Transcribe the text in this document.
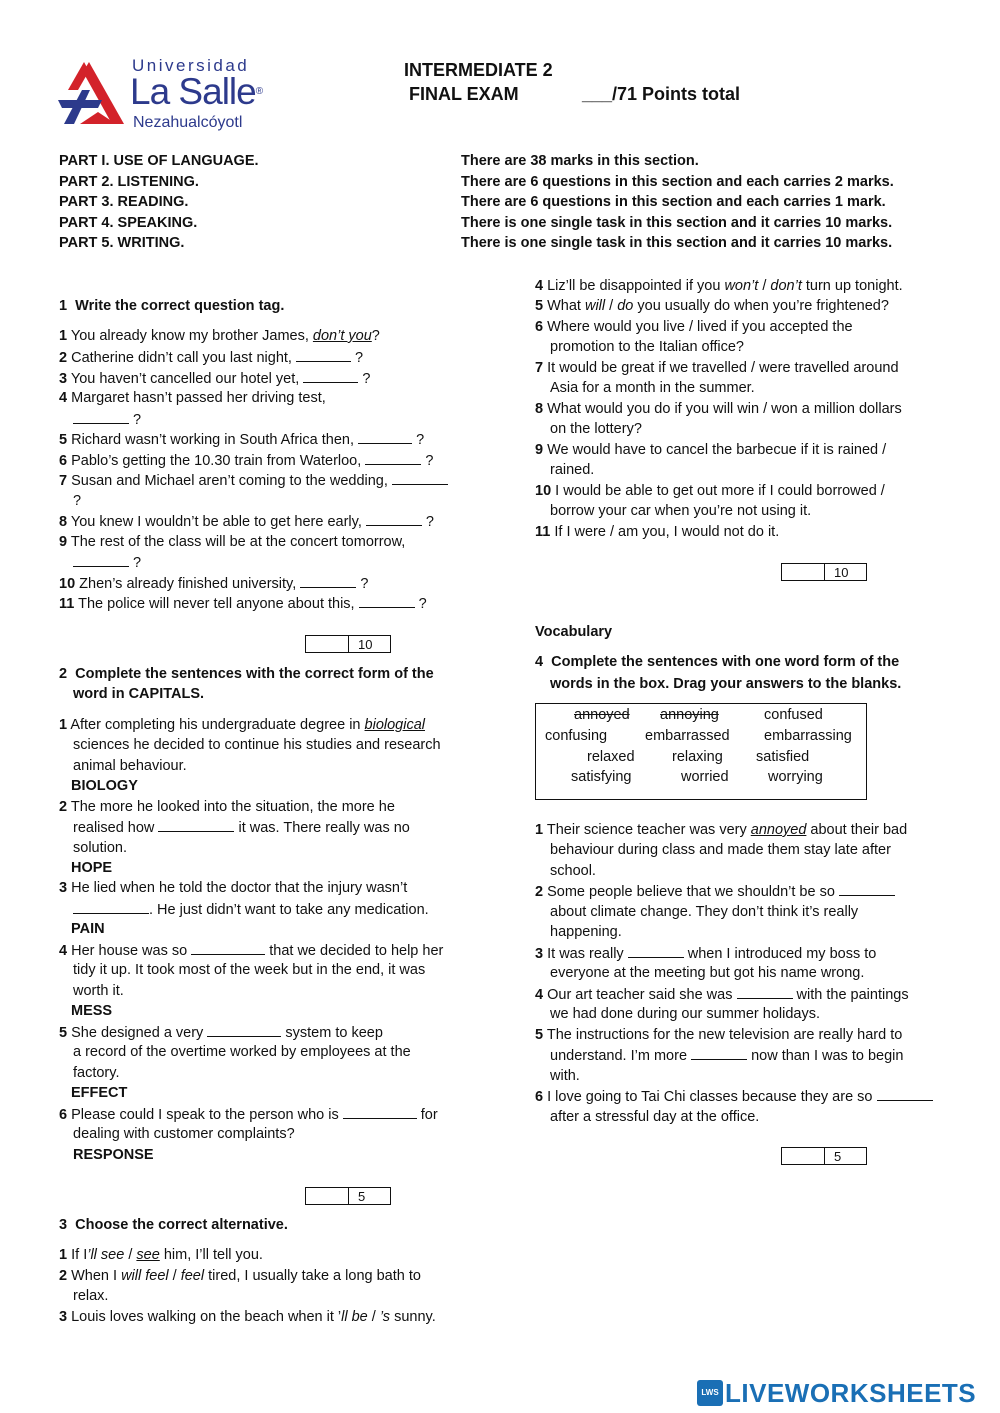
Universidad
La Salle®
Nezahualcóyotl
INTERMEDIATE 2
FINAL EXAM	___/71 Points total
PART I. USE OF LANGUAGE.	There are 38 marks in this section.
PART 2. LISTENING.	There are 6 questions in this section and each carries 2 marks.
PART 3. READING.	There are 6 questions in this section and each carries 1 mark.
PART 4. SPEAKING.	There is one single task in this section and it carries 10 marks.
PART 5. WRITING.	There is one single task in this section and it carries 10 marks.
1 Write the correct question tag.
1 You already know my brother James, don’t you?
2 Catherine didn’t call you last night,	?
3 You haven’t cancelled our hotel yet,	?
4 Margaret hasn’t passed her driving test,
?
5 Richard wasn’t working in South Africa then,	?
6 Pablo’s getting the 10.30 train from Waterloo,	?
7 Susan and Michael aren’t coming to the wedding,
?
8 You knew I wouldn’t be able to get here early,	?
9 The rest of the class will be at the concert tomorrow,
?
10 Zhen’s already finished university,	?
11 The police will never tell anyone about this,	?
10
2 Complete the sentences with the correct form of the
word in CAPITALS.
1 After completing his undergraduate degree in biological
sciences he decided to continue his studies and research
animal behaviour.
BIOLOGY
2 The more he looked into the situation, the more he
realised how	it was. There really was no
solution.
HOPE
3 He lied when he told the doctor that the injury wasn’t
. He just didn’t want to take any medication.
PAIN
4 Her house was so	that we decided to help her
tidy it up. It took most of the week but in the end, it was
worth it.
MESS
5 She designed a very	system to keep
a record of the overtime worked by employees at the
factory.
EFFECT
6 Please could I speak to the person who is	for
dealing with customer complaints?
RESPONSE
5
3 Choose the correct alternative.
1 If I’ll see / see him, I’ll tell you.
2 When I will feel / feel tired, I usually take a long bath to
relax.
3 Louis loves walking on the beach when it ’ll be / ’s sunny.
4 Liz’ll be disappointed if you won’t / don’t turn up tonight.
5 What will / do you usually do when you’re frightened?
6 Where would you live / lived if you accepted the
promotion to the Italian office?
7 It would be great if we travelled / were travelled around
Asia for a month in the summer.
8 What would you do if you will win / won a million dollars
on the lottery?
9 We would have to cancel the barbecue if it is rained /
rained.
10 I would be able to get out more if I could borrowed /
borrow your car when you’re not using it.
11 If I were / am you, I would not do it.
10
Vocabulary
4 Complete the sentences with one word form of the
words in the box. Drag your answers to the blanks.
annoyed annoying	confused
confusing	embarrassed embarrassing
relaxed	relaxing satisfied
satisfying	worried	worrying
1 Their science teacher was very annoyed about their bad
behaviour during class and made them stay late after
school.
2 Some people believe that we shouldn’t be so
about climate change. They don’t think it’s really
happening.
3 It was really	when I introduced my boss to
everyone at the meeting but got his name wrong.
4 Our art teacher said she was	with the paintings
we had done during our summer holidays.
5 The instructions for the new television are really hard to
understand. I’m more	now than I was to begin
with.
6 I love going to Tai Chi classes because they are so
after a stressful day at the office.
5
LWS LIVEWORKSHEETS
